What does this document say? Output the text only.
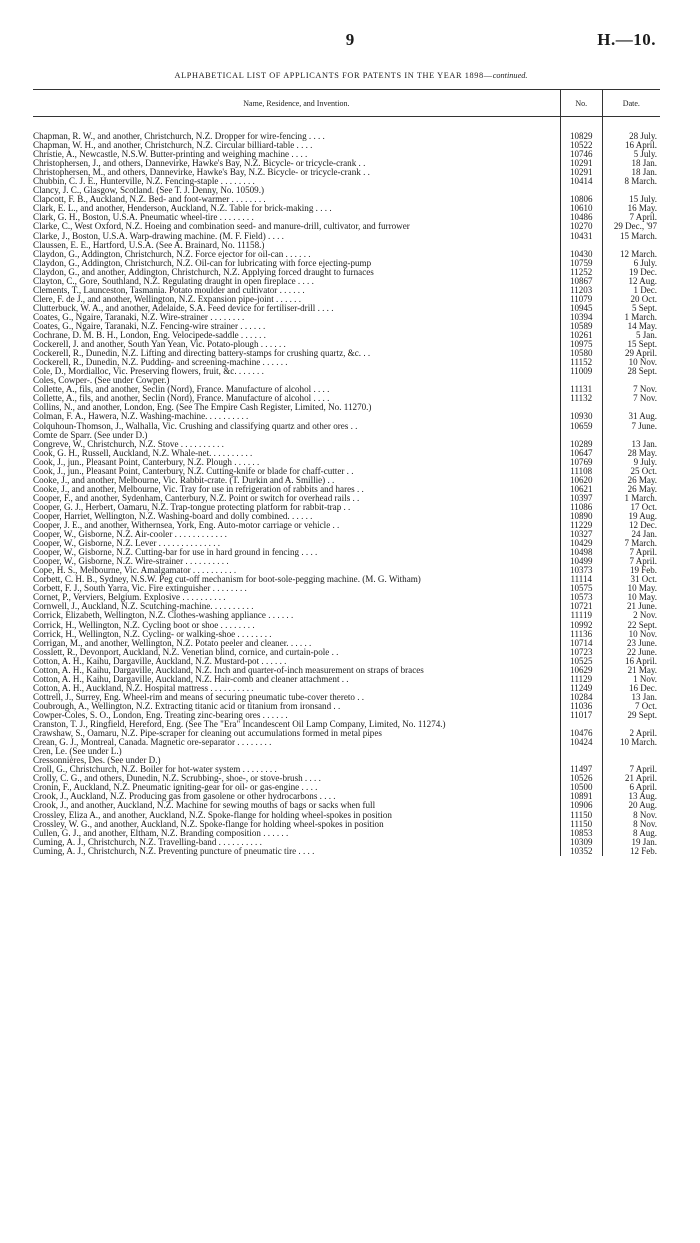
9	H.—10.
ALPHABETICAL LIST OF APPLICANTS FOR PATENTS IN THE YEAR 1898—continued.
Name, Residence, and Invention.	No.	Date.

Chapman, R. W., and another, Christchurch, N.Z. Dropper for wire-fencing . . . .	10829	28 July.
Chapman, W. H., and another, Christchurch, N.Z. Circular billiard-table . . . .	10522	16 April.
Christie, A., Newcastle, N.S.W. Butter-printing and weighing machine . . . .	10746	5 July.
Christophersen, J., and others, Dannevirke, Hawke's Bay, N.Z. Bicycle- or tricycle-crank . .	10291	18 Jan.
Christophersen, M., and others, Dannevirke, Hawke's Bay, N.Z. Bicycle- or tricycle-crank . .	10291	18 Jan.
Chubbin, C. J. E., Hunterville, N.Z. Fencing-staple . . . . . . . .	10414	8 March.
Clancy, J. C., Glasgow, Scotland. (See T. J. Denny, No. 10509.)		
Clapcott, F. B., Auckland, N.Z. Bed- and foot-warmer . . . . . . . .	10806	15 July.
Clark, E. L., and another, Henderson, Auckland, N.Z. Table for brick-making . . . .	10610	16 May.
Clark, G. H., Boston, U.S.A. Pneumatic wheel-tire . . . . . . . .	10486	7 April.
Clarke, C., West Oxford, N.Z. Hoeing and combination seed- and manure-drill, cultivator, and furrower	10270	29 Dec., '97
Clarke, J., Boston, U.S.A. Warp-drawing machine. (M. F. Field) . . . .	10431	15 March.
Claussen, E. E., Hartford, U.S.A. (See A. Brainard, No. 11158.)		
Claydon, G., Addington, Christchurch, N.Z. Force ejector for oil-can . . . . . .	10430	12 March.
Claydon, G., Addington, Christchurch, N.Z. Oil-can for lubricating with force ejecting-pump	10759	6 July.
Claydon, G., and another, Addington, Christchurch, N.Z. Applying forced draught to furnaces	11252	19 Dec.
Clayton, C., Gore, Southland, N.Z. Regulating draught in open fireplace . . . .	10867	12 Aug.
Clements, T., Launceston, Tasmania. Potato moulder and cultivator . . . . . .	11203	1 Dec.
Clere, F. de J., and another, Wellington, N.Z. Expansion pipe-joint . . . . . .	11079	20 Oct.
Clutterbuck, W. A., and another, Adelaide, S.A. Feed device for fertiliser-drill . . . .	10945	5 Sept.
Coates, G., Ngaire, Taranaki, N.Z. Wire-strainer . . . . . . . .	10394	1 March.
Coates, G., Ngaire, Taranaki, N.Z. Fencing-wire strainer . . . . . .	10589	14 May.
Cochrane, D. M. B. H., London, Eng. Velocipede-saddle . . . . . .	10261	5 Jan.
Cockerell, J. and another, South Yan Yean, Vic. Potato-plough . . . . . .	10975	15 Sept.
Cockerell, R., Dunedin, N.Z. Lifting and directing battery-stamps for crushing quartz, &c. . .	10580	29 April.
Cockerell, R., Dunedin, N.Z. Pudding- and screening-machine . . . . . .	11152	10 Nov.
Cole, D., Mordialloc, Vic. Preserving flowers, fruit, &c. . . . . . .	11009	28 Sept.
Coles, Cowper-. (See under Cowper.)		
Collette, A., fils, and another, Seclin (Nord), France. Manufacture of alcohol . . . .	11131	7 Nov.
Collette, A., fils, and another, Seclin (Nord), France. Manufacture of alcohol . . . .	11132	7 Nov.
Collins, N., and another, London, Eng. (See The Empire Cash Register, Limited, No. 11270.)		
Colman, F. A., Hawera, N.Z. Washing-machine. . . . . . . . . .	10930	31 Aug.
Colquhoun-Thomson, J., Walhalla, Vic. Crushing and classifying quartz and other ores . .	10659	7 June.
Comte de Sparr. (See under D.)		
Congreve, W., Christchurch, N.Z. Stove . . . . . . . . . .	10289	13 Jan.
Cook, G. H., Russell, Auckland, N.Z. Whale-net. . . . . . . . . .	10647	28 May.
Cook, J., jun., Pleasant Point, Canterbury, N.Z. Plough . . . . . .	10769	9 July.
Cook, J., jun., Pleasant Point, Canterbury, N.Z. Cutting-knife or blade for chaff-cutter . .	11108	25 Oct.
Cooke, J., and another, Melbourne, Vic. Rabbit-crate. (T. Durkin and A. Smillie) . .	10620	26 May.
Cooke, J., and another, Melbourne, Vic. Tray for use in refrigeration of rabbits and hares . .	10621	26 May.
Cooper, F., and another, Sydenham, Canterbury, N.Z. Point or switch for overhead rails . .	10397	1 March.
Cooper, G. J., Herbert, Oamaru, N.Z. Trap-tongue protecting platform for rabbit-trap . .	11086	17 Oct.
Cooper, Harriet, Wellington, N.Z. Washing-board and dolly combined. . . . . .	10890	19 Aug.
Cooper, J. E., and another, Withernsea, York, Eng. Auto-motor carriage or vehicle . .	11229	12 Dec.
Cooper, W., Gisborne, N.Z. Air-cooler . . . . . . . . . . . .	10327	24 Jan.
Cooper, W., Gisborne, N.Z. Lever . . . . . . . . . . . . . .	10429	7 March.
Cooper, W., Gisborne, N.Z. Cutting-bar for use in hard ground in fencing . . . .	10498	7 April.
Cooper, W., Gisborne, N.Z. Wire-strainer . . . . . . . . . .	10499	7 April.
Cope, H. S., Melbourne, Vic. Amalgamator . . . . . . . . . .	10373	19 Feb.
Corbett, C. H. B., Sydney, N.S.W. Peg cut-off mechanism for boot-sole-pegging machine. (M. G. Witham)	11114	31 Oct.
Corbett, F. J., South Yarra, Vic. Fire extinguisher . . . . . . . .	10575	10 May.
Cornet, P., Verviers, Belgium. Explosive . . . . . . . . . .	10573	10 May.
Cornwell, J., Auckland, N.Z. Scutching-machine. . . . . . . . . .	10721	21 June.
Corrick, Elizabeth, Wellington, N.Z. Clothes-washing appliance . . . . . .	11119	2 Nov.
Corrick, H., Wellington, N.Z. Cycling boot or shoe . . . . . . . .	10992	22 Sept.
Corrick, H., Wellington, N.Z. Cycling- or walking-shoe . . . . . . . .	11136	10 Nov.
Corrigan, M., and another, Wellington, N.Z. Potato peeler and cleaner. . . . . .	10714	23 June.
Cosslett, R., Devonport, Auckland, N.Z. Venetian blind, cornice, and curtain-pole . .	10723	22 June.
Cotton, A. H., Kaihu, Dargaville, Auckland, N.Z. Mustard-pot . . . . . .	10525	16 April.
Cotton, A. H., Kaihu, Dargaville, Auckland, N.Z. Inch and quarter-of-inch measurement on straps of braces	10629	21 May.
Cotton, A. H., Kaihu, Dargaville, Auckland, N.Z. Hair-comb and cleaner attachment . .	11129	1 Nov.
Cotton, A. H., Auckland, N.Z. Hospital mattress . . . . . . . . . .	11249	16 Dec.
Cottrell, J., Surrey, Eng. Wheel-rim and means of securing pneumatic tube-cover thereto . .	10284	13 Jan.
Coubrough, A., Wellington, N.Z. Extracting titanic acid or titanium from ironsand . .	11036	7 Oct.
Cowper-Coles, S. O., London, Eng. Treating zinc-bearing ores . . . . . .	11017	29 Sept.
Cranston, T. J., Ringfield, Hereford, Eng. (See The "Era" Incandescent Oil Lamp Company, Limited, No. 11274.)		
Crawshaw, S., Oamaru, N.Z. Pipe-scraper for cleaning out accumulations formed in metal pipes	10476	2 April.
Crean, G. J., Montreal, Canada. Magnetic ore-separator . . . . . . . .	10424	10 March.
Cren, Le. (See under L.)		
Cressonnières, Des. (See under D.)		
Croll, G., Christchurch, N.Z. Boiler for hot-water system . . . . . . . .	11497	7 April.
Crolly, C. G., and others, Dunedin, N.Z. Scrubbing-, shoe-, or stove-brush . . . .	10526	21 April.
Cronin, F., Auckland, N.Z. Pneumatic igniting-gear for oil- or gas-engine . . . .	10500	6 April.
Crook, J., Auckland, N.Z. Producing gas from gasolene or other hydrocarbons . . . .	10891	13 Aug.
Crook, J., and another, Auckland, N.Z. Machine for sewing mouths of bags or sacks when full	10906	20 Aug.
Crossley, Eliza A., and another, Auckland, N.Z. Spoke-flange for holding wheel-spokes in position	11150	8 Nov.
Crossley, W. G., and another, Auckland, N.Z. Spoke-flange for holding wheel-spokes in position	11150	8 Nov.
Cullen, G. J., and another, Eltham, N.Z. Branding composition . . . . . .	10853	8 Aug.
Cuming, A. J., Christchurch, N.Z. Travelling-band . . . . . . . . . .	10309	19 Jan.
Cuming, A. J., Christchurch, N.Z. Preventing puncture of pneumatic tire . . . .	10352	12 Feb.
